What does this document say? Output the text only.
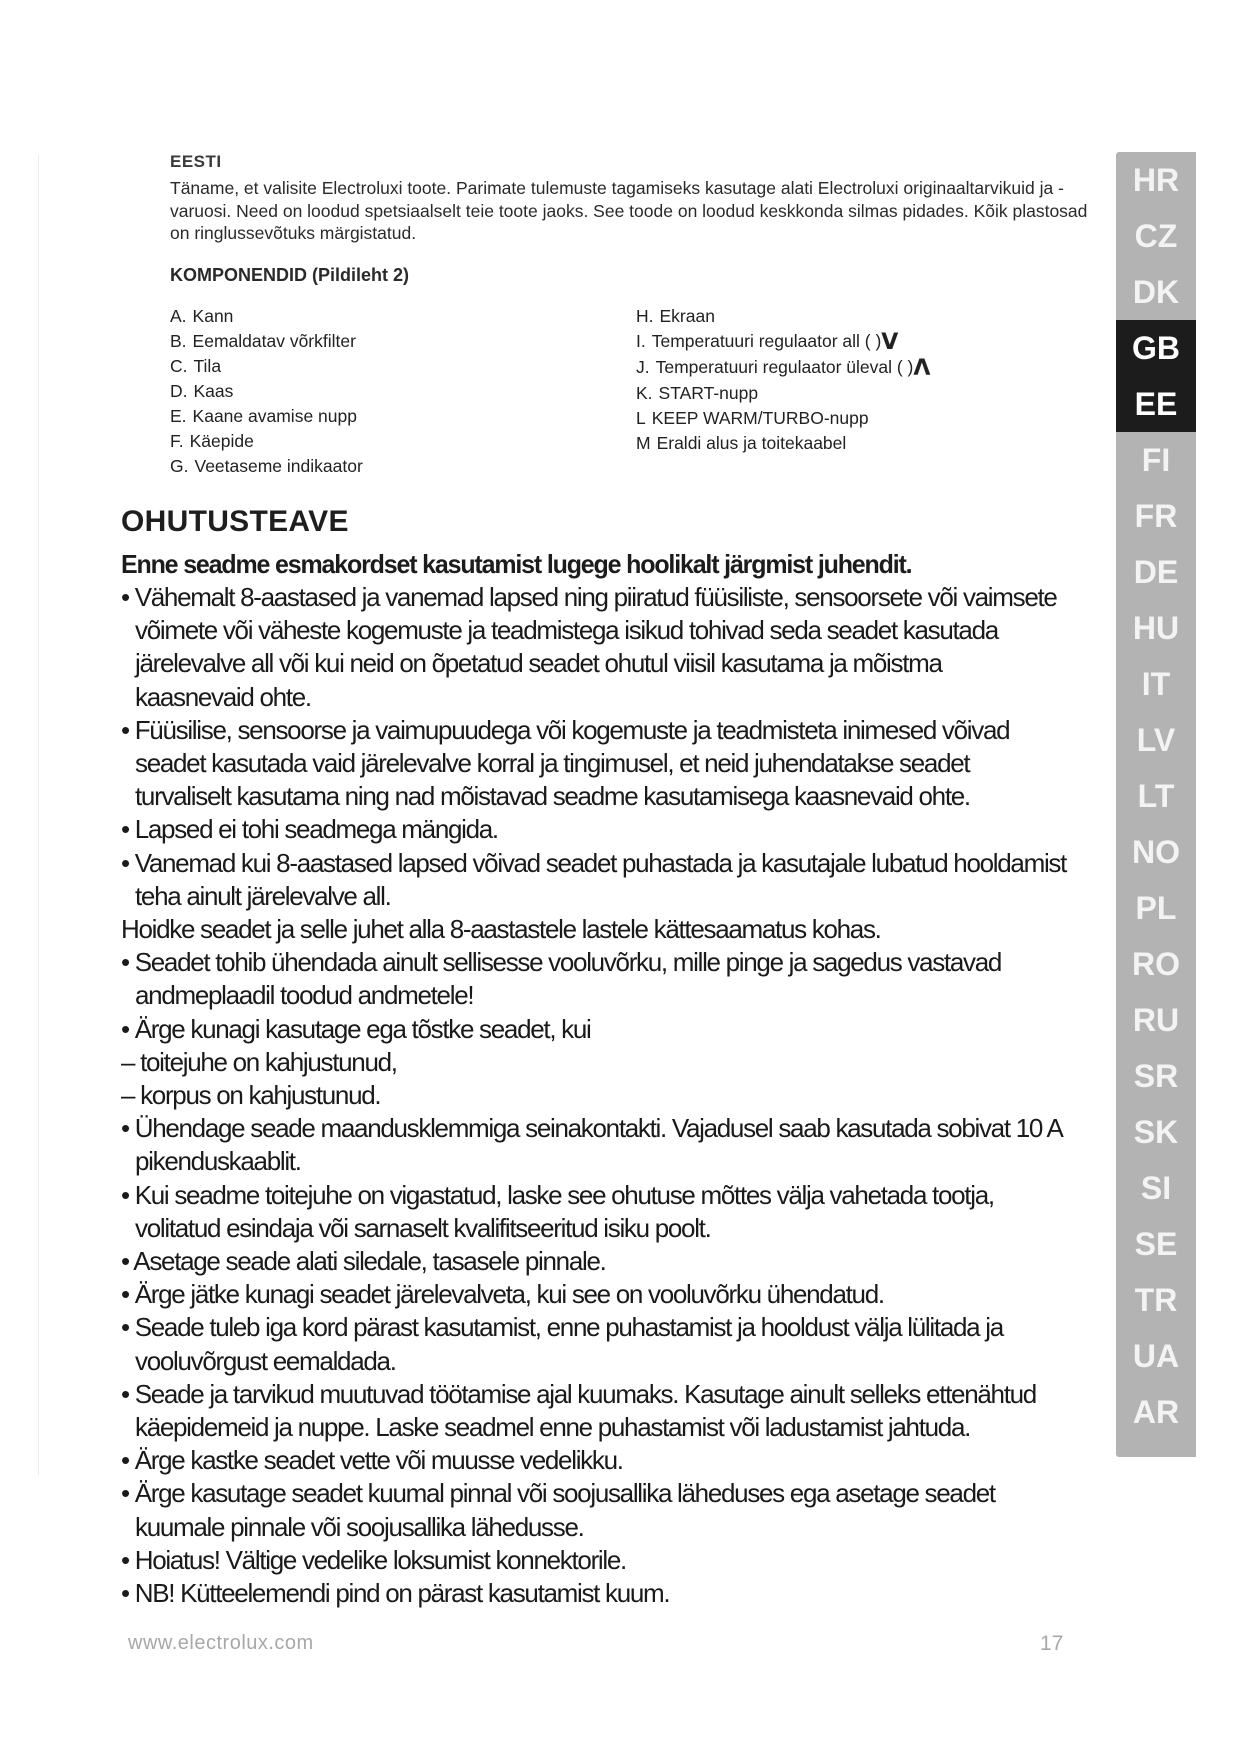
EESTI
Täname, et valisite Electroluxi toote. Parimate tulemuste tagamiseks kasutage alati Electroluxi originaaltarvikuid ja -varuosi. Need on loodud spetsiaalselt teie toote jaoks. See toode on loodud keskkonda silmas pidades. Kõik plastosad on ringlussevõtuks märgistatud.
KOMPONENDID (Pildileht 2)
A. Kann
B. Eemaldatav võrkfilter
C. Tila
D. Kaas
E. Kaane avamise nupp
F. Käepide
G. Veetaseme indikaator
H. Ekraan
I. Temperatuuri regulaator all ( )V
J. Temperatuuri regulaator üleval ( )Λ
K. START-nupp
L KEEP WARM/TURBO-nupp
M Eraldi alus ja toitekaabel
OHUTUSTEAVE
Enne seadme esmakordset kasutamist lugege hoolikalt järgmist juhendit.
• Vähemalt 8-aastased ja vanemad lapsed ning piiratud füüsiliste, sensoorsete või vaimsete
võimete või väheste kogemuste ja teadmistega isikud tohivad seda seadet kasutada
järelevalve all või kui neid on õpetatud seadet ohutul viisil kasutama ja mõistma
kaasnevaid ohte.
• Füüsilise, sensoorse ja vaimupuudega või kogemuste ja teadmisteta inimesed võivad
seadet kasutada vaid järelevalve korral ja tingimusel, et neid juhendatakse seadet
turvaliselt kasutama ning nad mõistavad seadme kasutamisega kaasnevaid ohte.
• Lapsed ei tohi seadmega mängida.
• Vanemad kui 8-aastased lapsed võivad seadet puhastada ja kasutajale lubatud hooldamist
teha ainult järelevalve all.
Hoidke seadet ja selle juhet alla 8-aastastele lastele kättesaamatus kohas.
• Seadet tohib ühendada ainult sellisesse vooluvõrku, mille pinge ja sagedus vastavad
andmeplaadil toodud andmetele!
• Ärge kunagi kasutage ega tõstke seadet, kui
– toitejuhe on kahjustunud,
– korpus on kahjustunud.
• Ühendage seade maandusklemmiga seinakontakti. Vajadusel saab kasutada sobivat 10 A
pikenduskaablit.
• Kui seadme toitejuhe on vigastatud, laske see ohutuse mõttes välja vahetada tootja,
volitatud esindaja või sarnaselt kvalifitseeritud isiku poolt.
• Asetage seade alati siledale, tasasele pinnale.
• Ärge jätke kunagi seadet järelevalveta, kui see on vooluvõrku ühendatud.
• Seade tuleb iga kord pärast kasutamist, enne puhastamist ja hooldust välja lülitada ja
vooluvõrgust eemaldada.
• Seade ja tarvikud muutuvad töötamise ajal kuumaks. Kasutage ainult selleks ettenähtud
käepidemeid ja nuppe. Laske seadmel enne puhastamist või ladustamist jahtuda.
• Ärge kastke seadet vette või muusse vedelikku.
• Ärge kasutage seadet kuumal pinnal või soojusallika läheduses ega asetage seadet
kuumale pinnale või soojusallika lähedusse.
• Hoiatus! Vältige vedelike loksumist konnektorile.
• NB! Kütteelemendi pind on pärast kasutamist kuum.
HR
CZ
DK
GB
EE
FI
FR
DE
HU
IT
LV
LT
NO
PL
RO
RU
SR
SK
SI
SE
TR
UA
AR
www.electrolux.com	17
